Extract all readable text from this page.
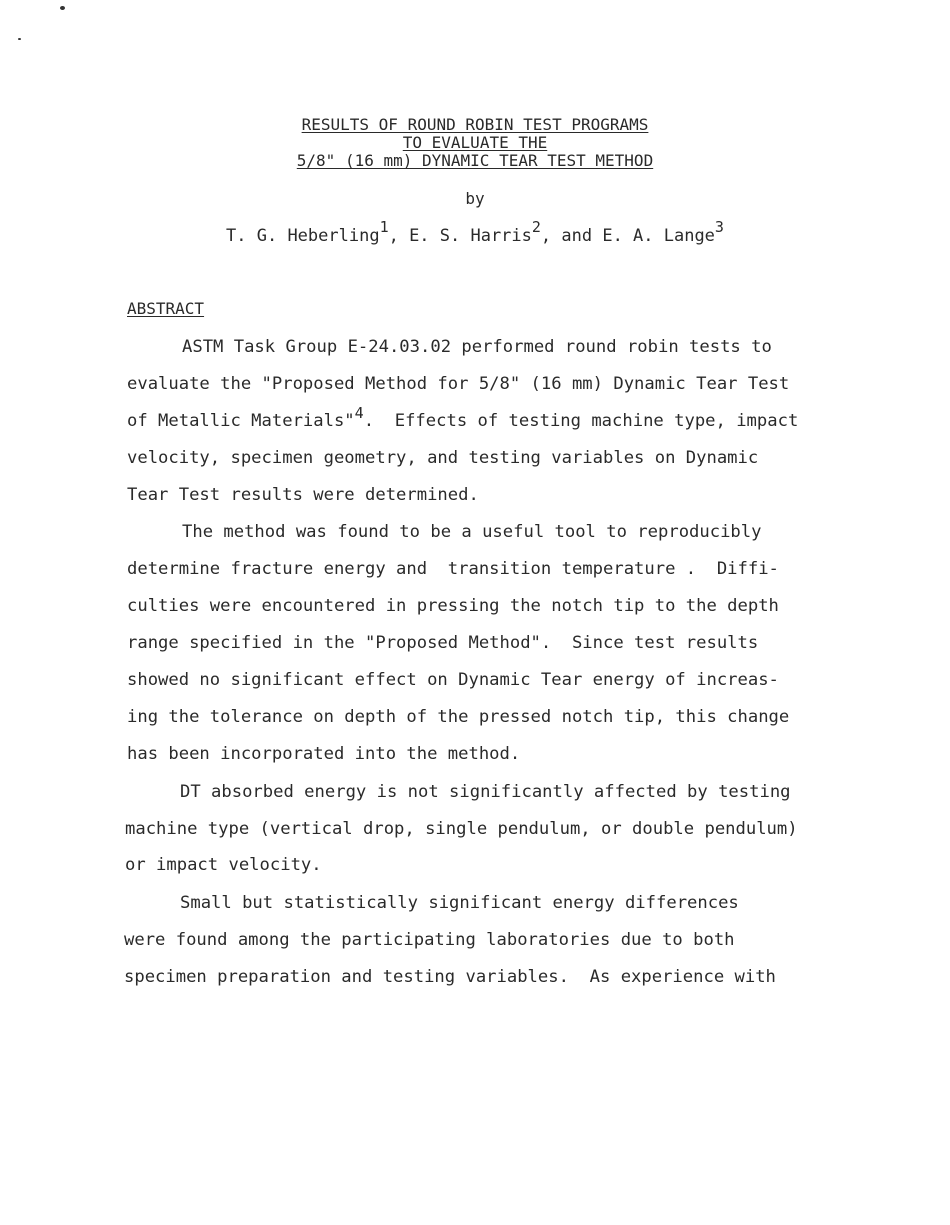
RESULTS OF ROUND ROBIN TEST PROGRAMS
TO EVALUATE THE
5/8" (16 mm) DYNAMIC TEAR TEST METHOD
by
T. G. Heberling$^1$, E. S. Harris$^2$, and E. A. Lange$^3$
ABSTRACT
ASTM Task Group E-24.03.02 performed round robin tests to
evaluate the "Proposed Method for 5/8" (16 mm) Dynamic Tear Test
of Metallic Materials"$^4$.  Effects of testing machine type, impact
velocity, specimen geometry, and testing variables on Dynamic
Tear Test results were determined.
The method was found to be a useful tool to reproducibly
determine fracture energy and  transition temperature .  Diffi-
culties were encountered in pressing the notch tip to the depth
range specified in the "Proposed Method".  Since test results
showed no significant effect on Dynamic Tear energy of increas-
ing the tolerance on depth of the pressed notch tip, this change
has been incorporated into the method.
DT absorbed energy is not significantly affected by testing
machine type (vertical drop, single pendulum, or double pendulum)
or impact velocity.
Small but statistically significant energy differences
were found among the participating laboratories due to both
specimen preparation and testing variables.  As experience with
